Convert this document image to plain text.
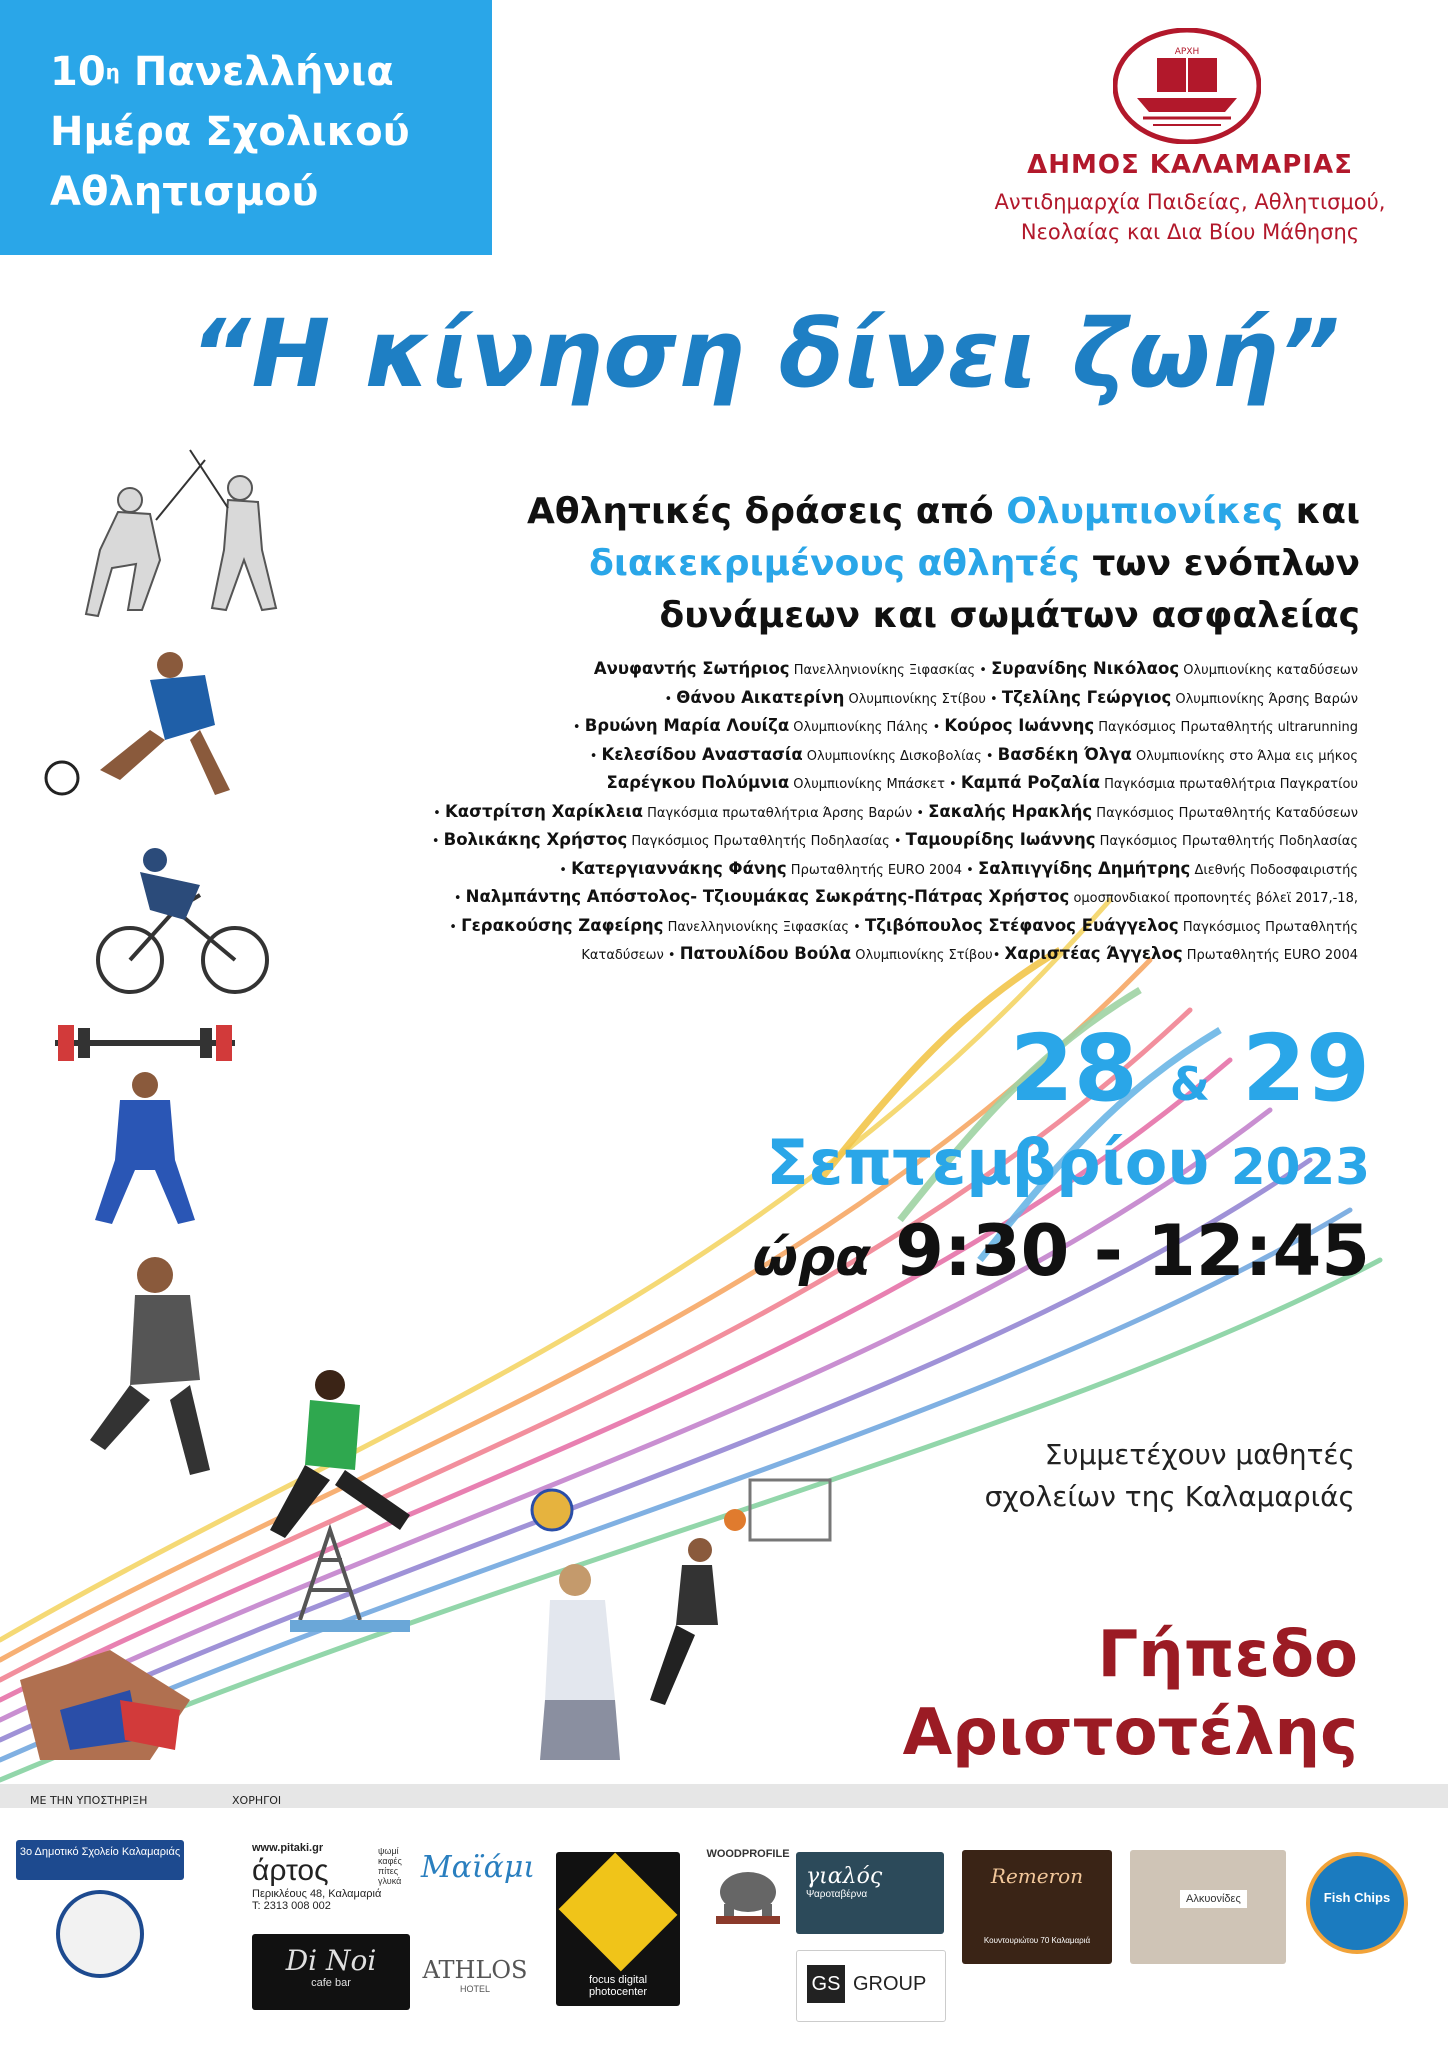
$10^\eta$ Πανελλήνια
Ημέρα Σχολικού
Αθλητισμού
ΑΡΧΗ
ΔΗΜΟΣ ΚΑΛΑΜΑΡΙΑΣ
Αντιδημαρχία Παιδείας, Αθλητισμού,
Νεολαίας και Δια Βίου Μάθησης
“Η κίνηση δίνει ζωή”
Αθλητικές δράσεις από Ολυμπιονίκες και
διακεκριμένους αθλητές των ενόπλων
δυνάμεων και σωμάτων ασφαλείας
Ανυφαντής Σωτήριος Πανελληνιονίκης Ξιφασκίας • Συρανίδης Νικόλαος Ολυμπιονίκης καταδύσεων
• Θάνου Αικατερίνη Ολυμπιονίκης Στίβου • Τζελίλης Γεώργιος Ολυμπιονίκης Άρσης Βαρών
• Βρυώνη Μαρία Λουίζα Ολυμπιονίκης Πάλης • Κούρος Ιωάννης Παγκόσμιος Πρωταθλητής ultrarunning
• Κελεσίδου Αναστασία Ολυμπιονίκης Δισκοβολίας • Βασδέκη Όλγα Ολυμπιονίκης στο Άλμα εις μήκος
Σαρέγκου Πολύμνια Ολυμπιονίκης Μπάσκετ • Καμπά Ροζαλία Παγκόσμια πρωταθλήτρια Παγκρατίου
• Καστρίτση Χαρίκλεια Παγκόσμια πρωταθλήτρια Άρσης Βαρών • Σακαλής Ηρακλής Παγκόσμιος Πρωταθλητής Καταδύσεων
• Βολικάκης Χρήστος Παγκόσμιος Πρωταθλητής Ποδηλασίας • Ταμουρίδης Ιωάννης Παγκόσμιος Πρωταθλητής Ποδηλασίας
• Κατεργιαννάκης Φάνης Πρωταθλητής EURO 2004 • Σαλπιγγίδης Δημήτρης Διεθνής Ποδοσφαιριστής
• Ναλμπάντης Απόστολος- Τζιουμάκας Σωκράτης-Πάτρας Χρήστος ομοσπονδιακοί προπονητές βόλεϊ 2017,-18,
• Γερακούσης Ζαφείρης Πανελληνιονίκης Ξιφασκίας • Τζιβόπουλος Στέφανος Ευάγγελος Παγκόσμιος Πρωταθλητής
Καταδύσεων • Πατουλίδου Βούλα Ολυμπιονίκης Στίβου• Χαριστέας Άγγελος Πρωταθλητής EURO 2004
28 & 29
Σεπτεμβρίου 2023
ώρα 9:30 - 12:45
Συμμετέχουν μαθητές
σχολείων της Καλαμαριάς
Γήπεδο
Αριστοτέλης
ΜΕ ΤΗΝ ΥΠΟΣΤΗΡΙΞΗ	ΧΟΡΗΓΟΙ
3ο Δημοτικό Σχολείο Καλαμαριάς	www.pitaki.gr
άρτος
Περικλέους 48, Καλαμαριά
T: 2313 008 002
ψωμί καφές πίτες γλυκά
Di Noi
cafe bar
Μαϊάμι
ATHLOS
HOTEL
focus digital photocenter
WOODPROFILE
γιαλός
Ψαροταβέρνα
GS GROUP
Remeron
Κουντουριώτου 70 Καλαμαριά
Αλκυονίδες	Fish Chips
